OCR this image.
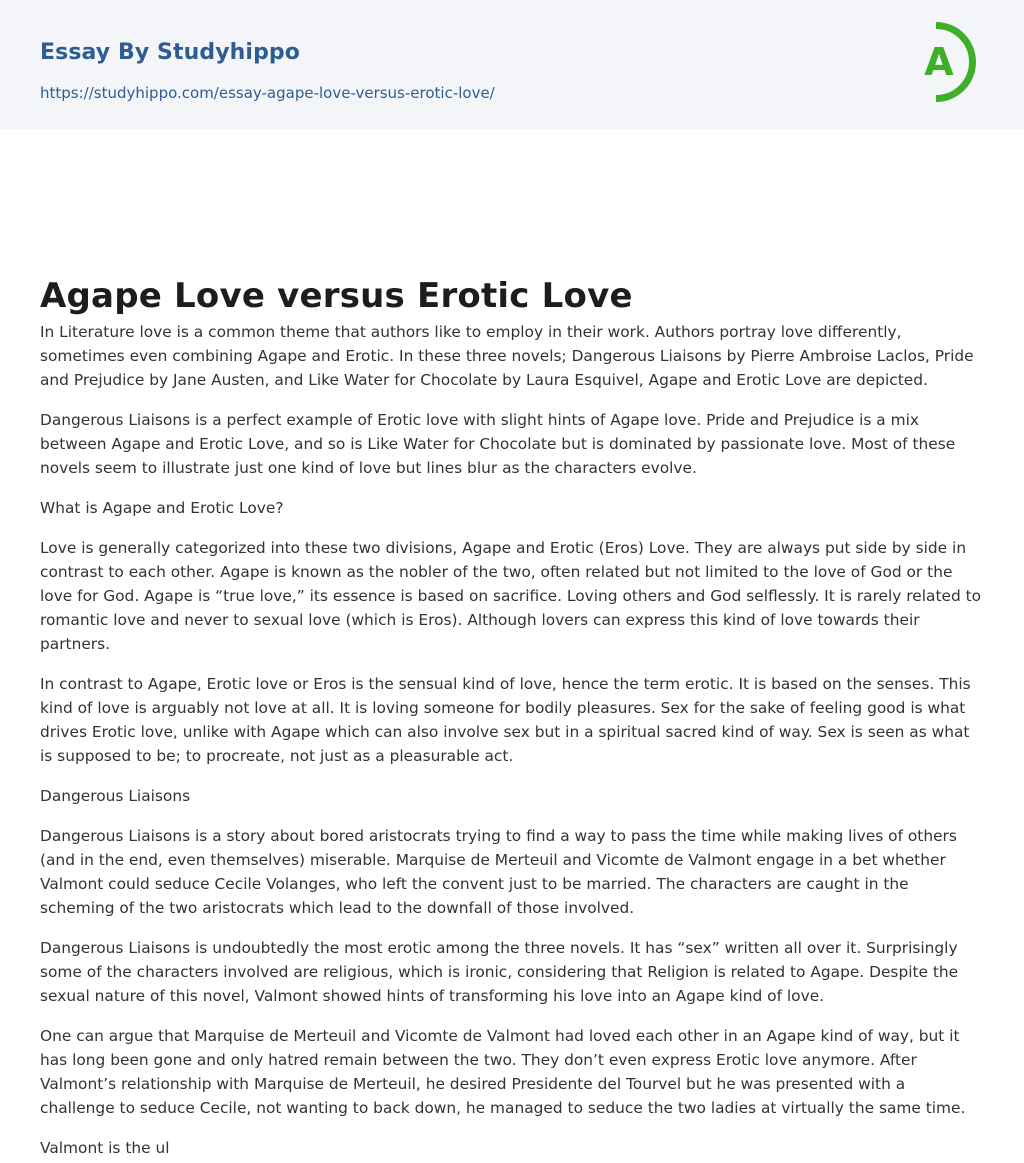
Essay By Studyhippo
https://studyhippo.com/essay-agape-love-versus-erotic-love/
A
Agape Love versus Erotic Love

In Literature love is a common theme that authors like to employ in their work. Authors portray love differently, sometimes even combining Agape and Erotic. In these three novels; Dangerous Liaisons by Pierre Ambroise Laclos, Pride and Prejudice by Jane Austen, and Like Water for Chocolate by Laura Esquivel, Agape and Erotic Love are depicted.

Dangerous Liaisons is a perfect example of Erotic love with slight hints of Agape love. Pride and Prejudice is a mix between Agape and Erotic Love, and so is Like Water for Chocolate but is dominated by passionate love. Most of these novels seem to illustrate just one kind of love but lines blur as the characters evolve.

What is Agape and Erotic Love?

Love is generally categorized into these two divisions, Agape and Erotic (Eros) Love. They are always put side by side in contrast to each other. Agape is known as the nobler of the two, often related but not limited to the love of God or the love for God. Agape is “true love,” its essence is based on sacrifice. Loving others and God selflessly. It is rarely related to romantic love and never to sexual love (which is Eros). Although lovers can express this kind of love towards their partners.

In contrast to Agape, Erotic love or Eros is the sensual kind of love, hence the term erotic. It is based on the senses. This kind of love is arguably not love at all. It is loving someone for bodily pleasures. Sex for the sake of feeling good is what drives Erotic love, unlike with Agape which can also involve sex but in a spiritual sacred kind of way. Sex is seen as what is supposed to be; to procreate, not just as a pleasurable act.

Dangerous Liaisons

Dangerous Liaisons is a story about bored aristocrats trying to find a way to pass the time while making lives of others (and in the end, even themselves) miserable. Marquise de Merteuil and Vicomte de Valmont engage in a bet whether Valmont could seduce Cecile Volanges, who left the convent just to be married. The characters are caught in the scheming of the two aristocrats which lead to the downfall of those involved.

Dangerous Liaisons is undoubtedly the most erotic among the three novels. It has “sex” written all over it. Surprisingly some of the characters involved are religious, which is ironic, considering that Religion is related to Agape. Despite the sexual nature of this novel, Valmont showed hints of transforming his love into an Agape kind of love.

One can argue that Marquise de Merteuil and Vicomte de Valmont had loved each other in an Agape kind of way, but it has long been gone and only hatred remain between the two. They don’t even express Erotic love anymore. After Valmont’s relationship with Marquise de Merteuil, he desired Presidente del Tourvel but he was presented with a challenge to seduce Cecile, not wanting to back down, he managed to seduce the two ladies at virtually the same time.

Valmont is the ul
